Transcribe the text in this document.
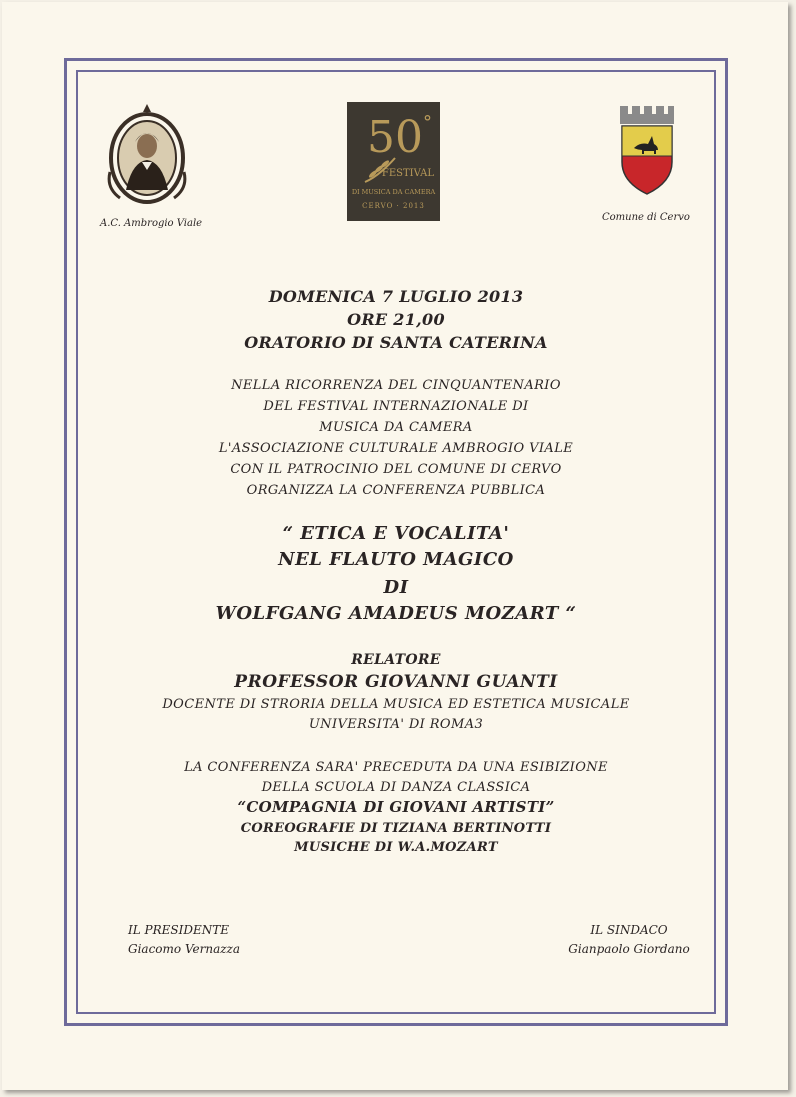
A.C. Ambrogio Viale
50°
FESTIVAL
DI MUSICA DA CAMERA
CERVO · 2013
Comune di Cervo
DOMENICA 7 LUGLIO 2013
ORE 21,00
ORATORIO DI SANTA CATERINA
NELLA RICORRENZA DEL CINQUANTENARIO
DEL FESTIVAL INTERNAZIONALE DI
MUSICA DA CAMERA
L'ASSOCIAZIONE CULTURALE AMBROGIO VIALE
CON IL PATROCINIO DEL COMUNE DI CERVO
ORGANIZZA LA CONFERENZA PUBBLICA
“ ETICA E VOCALITA'
NEL FLAUTO MAGICO
DI
WOLFGANG AMADEUS MOZART “
RELATORE
PROFESSOR GIOVANNI GUANTI
DOCENTE DI STRORIA DELLA MUSICA ED ESTETICA MUSICALE
UNIVERSITA' DI ROMA3
LA CONFERENZA SARA' PRECEDUTA DA UNA ESIBIZIONE
DELLA SCUOLA DI DANZA CLASSICA
“COMPAGNIA DI GIOVANI ARTISTI”
COREOGRAFIE DI TIZIANA BERTINOTTI
MUSICHE DI W.A.MOZART
IL PRESIDENTE
Giacomo Vernazza
IL SINDACO
Gianpaolo Giordano
